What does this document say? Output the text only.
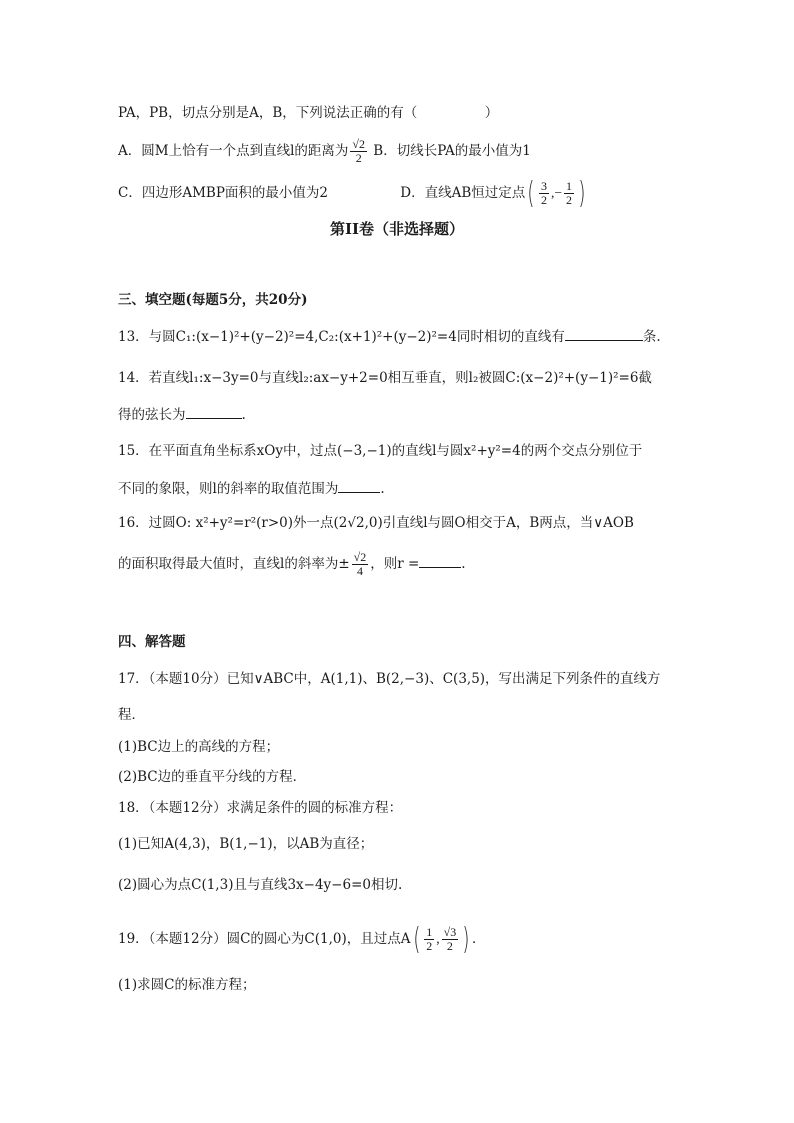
PA，PB，切点分别是A，B，下列说法正确的有（　　　　　）
A．圆M上恰有一个点到直线l的距离为 $\frac{√2}{2}$ B．切线长PA的最小值为1
C．四边形AMBP面积的最小值为2	D．直线AB恒过定点( $\frac{3}{2}$ ,− $\frac{1}{2}$ )
第II卷（非选择题）
三、填空题(每题5分，共20分)
13．与圆C₁:(x−1)²+(y−2)²=4,C₂:(x+1)²+(y−2)²=4同时相切的直线有	条.
14．若直线l₁:x−3y=0与直线l₂:ax−y+2=0相互垂直，则l₂被圆C:(x−2)²+(y−1)²=6截
得的弦长为	.
15．在平面直角坐标系xOy中，过点(−3,−1)的直线l与圆x²+y²=4的两个交点分别位于
不同的象限，则l的斜率的取值范围为	.
16．过圆O: x²+y²=r²(r>0)外一点(2√2,0)引直线l与圆O相交于A，B两点，当∨AOB
的面积取得最大值时，直线l的斜率为± $\frac{√2}{4}$ ，则r =	.
四、解答题
17．（本题10分）已知∨ABC中，A(1,1)、B(2,−3)、C(3,5)，写出满足下列条件的直线方
程．
(1)BC边上的高线的方程；
(2)BC边的垂直平分线的方程．
18．（本题12分）求满足条件的圆的标准方程：
(1)已知A(4,3)，B(1,−1)，以AB为直径；
(2)圆心为点C(1,3)且与直线3x−4y−6=0相切.
19．（本题12分）圆C的圆心为C(1,0)，且过点$A( \frac{1}{2}$ , $\frac{√3}{2}$ ) ．
(1)求圆C的标准方程；
